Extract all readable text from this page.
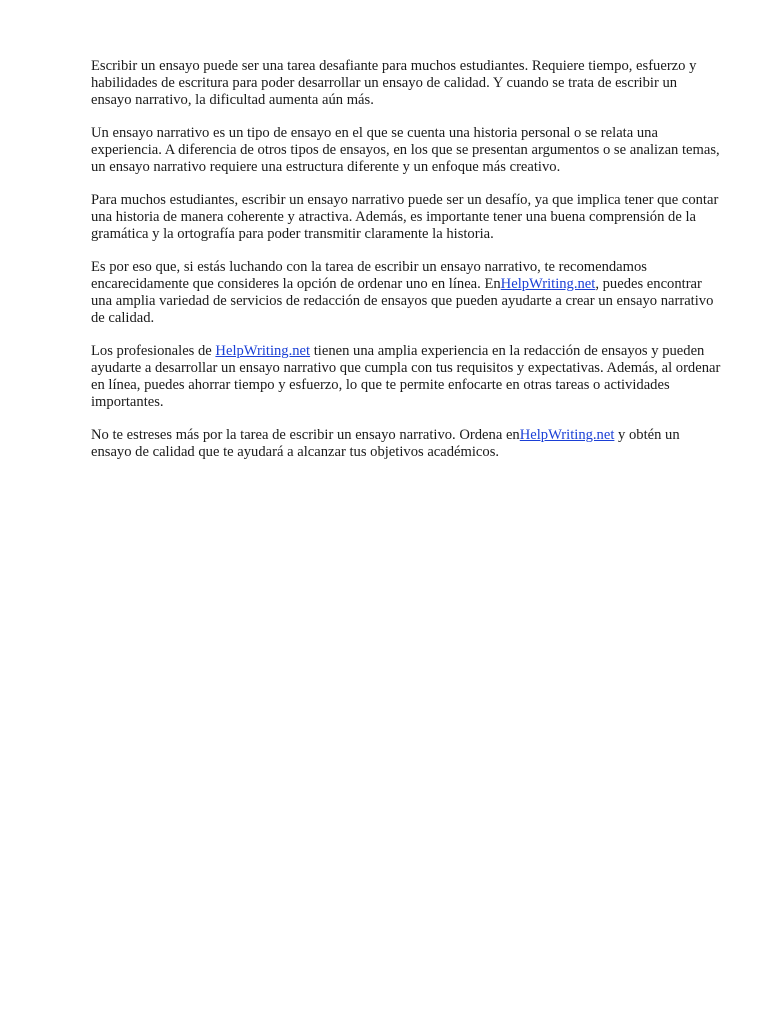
Escribir un ensayo puede ser una tarea desafiante para muchos estudiantes. Requiere tiempo, esfuerzo y habilidades de escritura para poder desarrollar un ensayo de calidad. Y cuando se trata de escribir un ensayo narrativo, la dificultad aumenta aún más.

Un ensayo narrativo es un tipo de ensayo en el que se cuenta una historia personal o se relata una experiencia. A diferencia de otros tipos de ensayos, en los que se presentan argumentos o se analizan temas, un ensayo narrativo requiere una estructura diferente y un enfoque más creativo.

Para muchos estudiantes, escribir un ensayo narrativo puede ser un desafío, ya que implica tener que contar una historia de manera coherente y atractiva. Además, es importante tener una buena comprensión de la gramática y la ortografía para poder transmitir claramente la historia.

Es por eso que, si estás luchando con la tarea de escribir un ensayo narrativo, te recomendamos encarecidamente que consideres la opción de ordenar uno en línea. EnHelpWriting.net, puedes encontrar una amplia variedad de servicios de redacción de ensayos que pueden ayudarte a crear un ensayo narrativo de calidad.

Los profesionales de HelpWriting.net tienen una amplia experiencia en la redacción de ensayos y pueden ayudarte a desarrollar un ensayo narrativo que cumpla con tus requisitos y expectativas. Además, al ordenar en línea, puedes ahorrar tiempo y esfuerzo, lo que te permite enfocarte en otras tareas o actividades importantes.

No te estreses más por la tarea de escribir un ensayo narrativo. Ordena enHelpWriting.net y obtén un ensayo de calidad que te ayudará a alcanzar tus objetivos académicos.
